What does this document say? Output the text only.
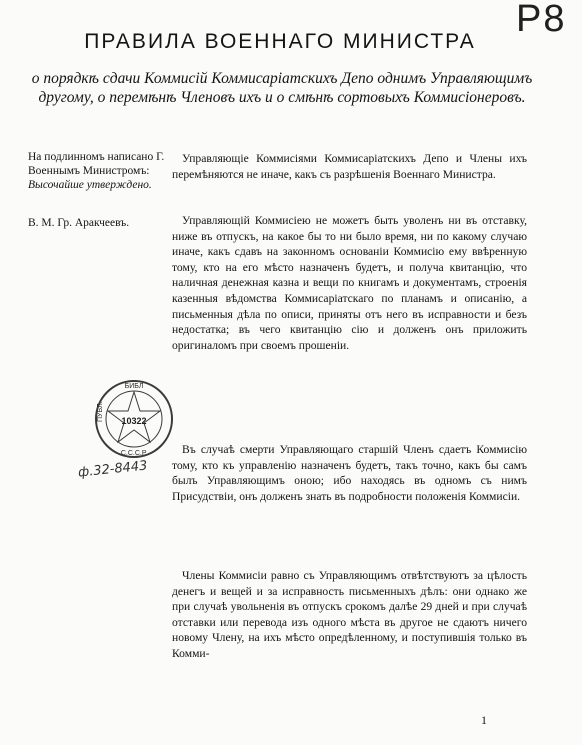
P8
ПРАВИЛА ВОЕННАГО МИНИСТРА

о порядкѣ сдачи Коммисій Коммисаріатскихъ Депо однимъ Управляющимъ другому, о перемѣнѣ Членовъ ихъ и о смѣнѣ сортовыхъ Коммисіонеровъ.

На подлинномъ написано Г. Военнымъ Министромъ: Высочайше утверждено.
В. М. Гр. Аракчеевъ.

Управляющіе Коммисіями Коммисаріатскихъ Депо и Члены ихъ перемѣняются не иначе, какъ съ разрѣшенія Военнаго Министра.

Управляющій Коммисіею не можетъ быть уволенъ ни въ отставку, ниже въ отпускъ, на какое бы то ни было время, ни по какому случаю иначе, какъ сдавъ на законномъ основаніи Коммисію ему ввѣренную тому, кто на его мѣсто назначенъ будетъ, и получа квитанцію, что наличная денежная казна и вещи по книгамъ и документамъ, строенія казенныя вѣдомства Коммисаріатскаго по планамъ и описанію, а письменныя дѣла по описи, приняты отъ него въ исправности и безъ недостатка; въ чего квитанцію сію и долженъ онъ приложить оригиналомъ при своемъ прошеніи.

Въ случаѣ смерти Управляющаго старшій Членъ сдаетъ Коммисію тому, кто къ управленію назначенъ будетъ, такъ точно, какъ бы самъ былъ Управляющимъ оною; ибо находясь въ одномъ съ нимъ Присудствіи, онъ долженъ знать въ подробности положенія Коммисіи.

Члены Коммисіи равно съ Управляющимъ отвѣтствуютъ за цѣлость денегъ и вещей и за исправность письменныхъ дѣлъ: они однако же при случаѣ увольненія въ отпускъ срокомъ далѣе 29 дней и при случаѣ отставки или перевода изъ одного мѣста въ другое не сдаютъ ничего новому Члену, на ихъ мѣсто опредѣленному, и поступившія только въ Комми-

БИБЛ
ПУБЛ. 10322
С.С.С.Р.
ф.32-8443
1
